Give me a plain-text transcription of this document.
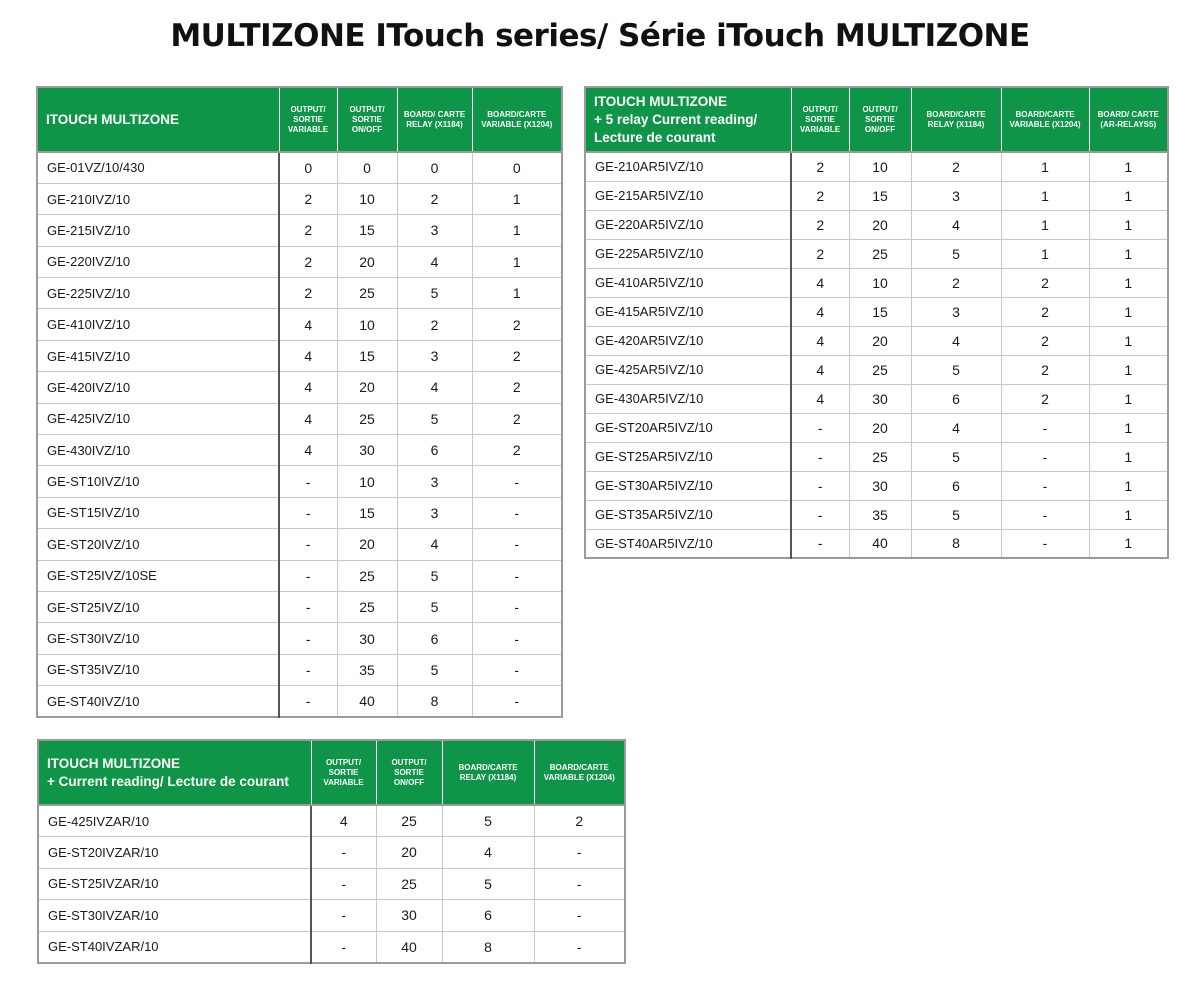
MULTIZONE ITouch series/ Série iTouch MULTIZONE
ITOUCH MULTIZONE	OUTPUT/ SORTIE VARIABLE	OUTPUT/ SORTIE ON/OFF	BOARD/ CARTE RELAY (X1184)	BOARD/CARTE VARIABLE (X1204)
GE-01VZ/10/430	0	0	0	0
GE-210IVZ/10	2	10	2	1
GE-215IVZ/10	2	15	3	1
GE-220IVZ/10	2	20	4	1
GE-225IVZ/10	2	25	5	1
GE-410IVZ/10	4	10	2	2
GE-415IVZ/10	4	15	3	2
GE-420IVZ/10	4	20	4	2
GE-425IVZ/10	4	25	5	2
GE-430IVZ/10	4	30	6	2
GE-ST10IVZ/10	-	10	3	-
GE-ST15IVZ/10	-	15	3	-
GE-ST20IVZ/10	-	20	4	-
GE-ST25IVZ/10SE	-	25	5	-
GE-ST25IVZ/10	-	25	5	-
GE-ST30IVZ/10	-	30	6	-
GE-ST35IVZ/10	-	35	5	-
GE-ST40IVZ/10	-	40	8	-
ITOUCH MULTIZONE
+ 5 relay Current reading/ Lecture de courant	OUTPUT/ SORTIE VARIABLE	OUTPUT/ SORTIE ON/OFF	BOARD/CARTE RELAY (X1184)	BOARD/CARTE VARIABLE (X1204)	BOARD/ CARTE (AR-RELAYS5)
GE-210AR5IVZ/10	2	10	2	1	1
GE-215AR5IVZ/10	2	15	3	1	1
GE-220AR5IVZ/10	2	20	4	1	1
GE-225AR5IVZ/10	2	25	5	1	1
GE-410AR5IVZ/10	4	10	2	2	1
GE-415AR5IVZ/10	4	15	3	2	1
GE-420AR5IVZ/10	4	20	4	2	1
GE-425AR5IVZ/10	4	25	5	2	1
GE-430AR5IVZ/10	4	30	6	2	1
GE-ST20AR5IVZ/10	-	20	4	-	1
GE-ST25AR5IVZ/10	-	25	5	-	1
GE-ST30AR5IVZ/10	-	30	6	-	1
GE-ST35AR5IVZ/10	-	35	5	-	1
GE-ST40AR5IVZ/10	-	40	8	-	1
ITOUCH MULTIZONE
+ Current reading/ Lecture de courant	OUTPUT/ SORTIE VARIABLE	OUTPUT/ SORTIE ON/OFF	BOARD/CARTE RELAY (X1184)	BOARD/CARTE VARIABLE (X1204)
GE-425IVZAR/10	4	25	5	2
GE-ST20IVZAR/10	-	20	4	-
GE-ST25IVZAR/10	-	25	5	-
GE-ST30IVZAR/10	-	30	6	-
GE-ST40IVZAR/10	-	40	8	-
